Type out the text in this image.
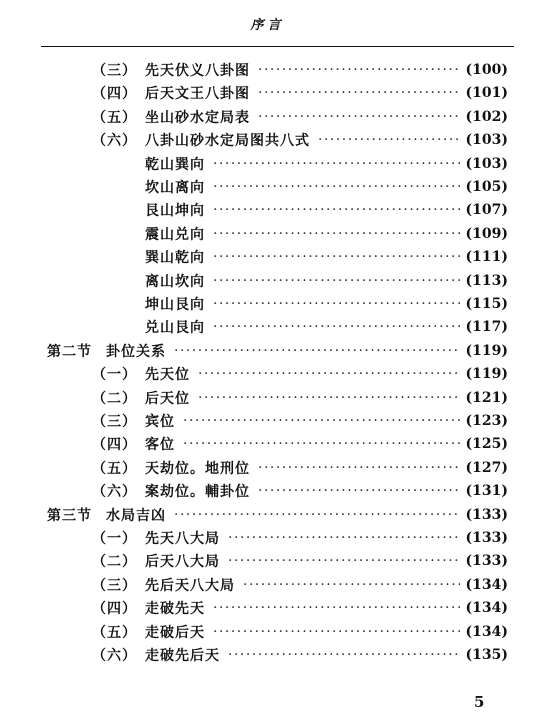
序言
（三） 先天伏义八卦图 ·····	(100)
（四） 后天文王八卦图 ·····	(101)
（五） 坐山砂水定局表 ·····	(102)
（六） 八卦山砂水定局图共八式 ·····	(103)
乾山巽向 ·····	(103)
坎山离向 ·····	(105)
艮山坤向 ·····	(107)
震山兑向 ·····	(109)
巽山乾向 ·····	(111)
离山坎向 ·····	(113)
坤山艮向 ·····	(115)
兑山艮向 ·····	(117)
第二节 卦位关系 ·····	(119)
（一） 先天位 ·····	(119)
（二） 后天位 ·····	(121)
（三） 宾位 ·····	(123)
（四） 客位 ·····	(125)
（五） 天劫位。地刑位 ·····	(127)
（六） 案劫位。輔卦位 ·····	(131)
第三节 水局吉凶 ·····	(133)
（一） 先天八大局 ·····	(133)
（二） 后天八大局 ·····	(133)
（三） 先后天八大局 ·····	(134)
（四） 走破先天 ·····	(134)
（五） 走破后天 ·····	(134)
（六） 走破先后天 ·····	(135)
5
